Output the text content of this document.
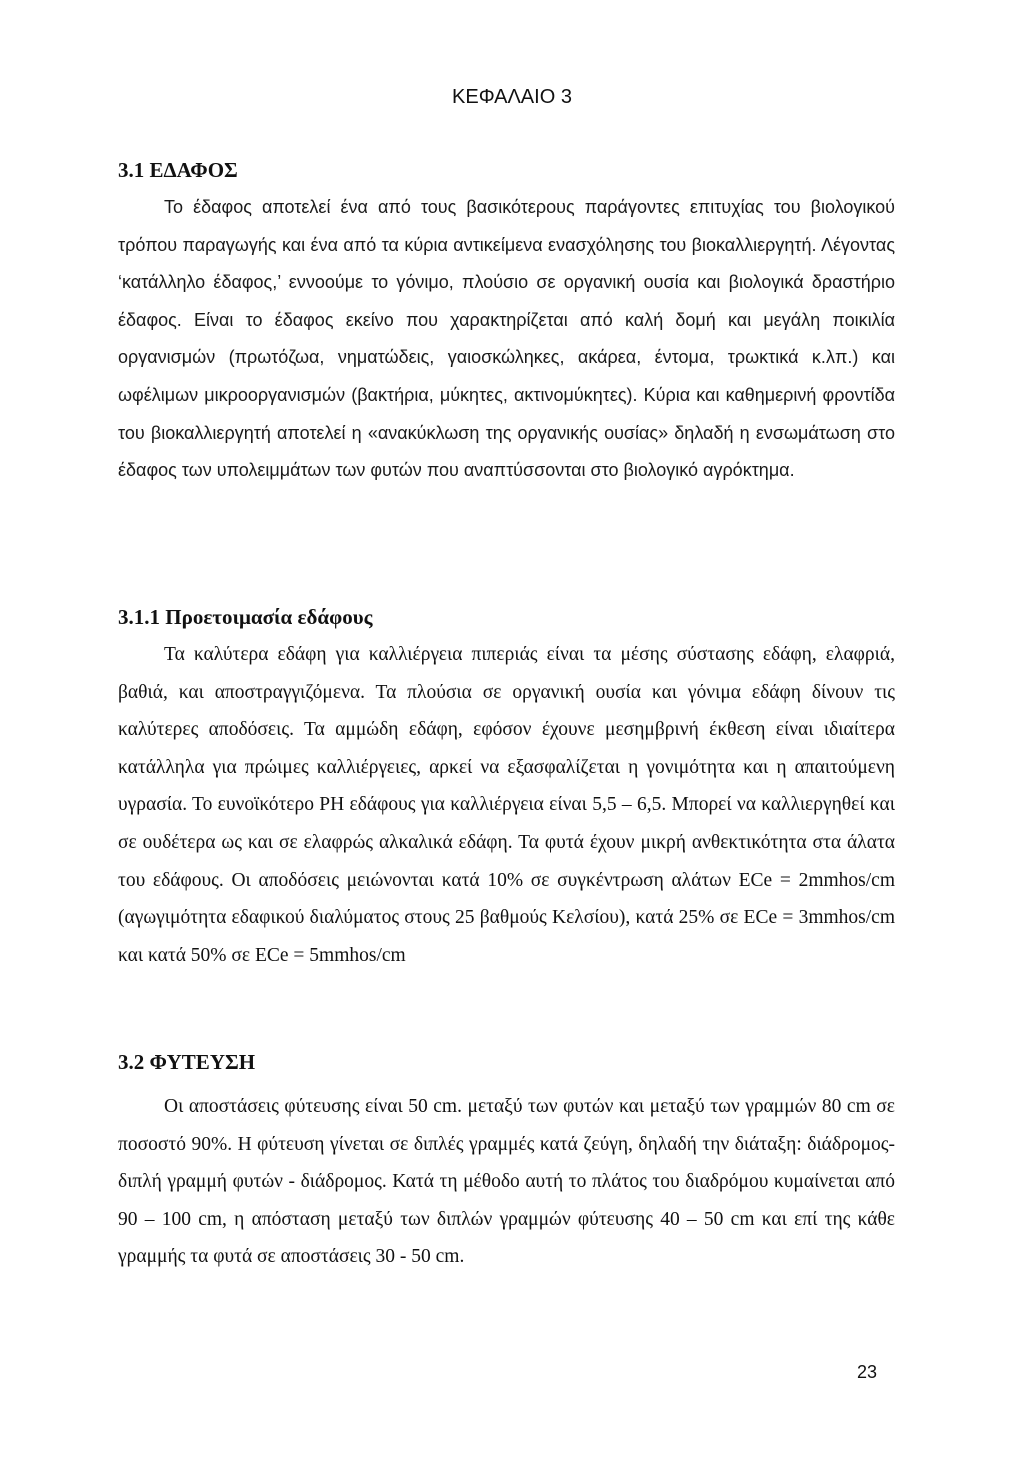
ΚΕΦΑΛΑΙΟ 3
3.1 ΕΔΑΦΟΣ

Το έδαφος αποτελεί ένα από τους βασικότερους παράγοντες επιτυχίας του βιολογικού τρόπου παραγωγής και ένα από τα κύρια αντικείμενα ενασχόλησης του βιοκαλλιεργητή. Λέγοντας ‘κατάλληλο έδαφος,’ εννοούμε το γόνιμο, πλούσιο σε οργανική ουσία και βιολογικά δραστήριο έδαφος. Είναι το έδαφος εκείνο που χαρακτηρίζεται από καλή δομή και μεγάλη ποικιλία οργανισμών (πρωτόζωα, νηματώδεις, γαιοσκώληκες, ακάρεα, έντομα, τρωκτικά κ.λπ.) και ωφέλιμων μικροοργανισμών (βακτήρια, μύκητες, ακτινομύκητες). Κύρια και καθημερινή φροντίδα του βιοκαλλιεργητή αποτελεί η «ανακύκλωση της οργανικής ουσίας» δηλαδή η ενσωμάτωση στο έδαφος των υπολειμμάτων των φυτών που αναπτύσσονται στο βιολογικό αγρόκτημα.

3.1.1 Προετοιμασία εδάφους

Τα καλύτερα εδάφη για καλλιέργεια πιπεριάς είναι τα μέσης σύστασης εδάφη, ελαφριά, βαθιά, και αποστραγγιζόμενα. Τα πλούσια σε οργανική ουσία και γόνιμα εδάφη δίνουν τις καλύτερες αποδόσεις. Τα αμμώδη εδάφη, εφόσον έχουνε μεσημβρινή έκθεση είναι ιδιαίτερα κατάλληλα για πρώιμες καλλιέργειες, αρκεί να εξασφαλίζεται η γονιμότητα και η απαιτούμενη υγρασία. Το ευνοϊκότερο PH εδάφους για καλλιέργεια είναι 5,5 – 6,5. Μπορεί να καλλιεργηθεί και σε ουδέτερα ως και σε ελαφρώς αλκαλικά εδάφη. Τα φυτά έχουν μικρή ανθεκτικότητα στα άλατα του εδάφους. Οι αποδόσεις μειώνονται κατά 10% σε συγκέντρωση αλάτων ECe = 2mmhos/cm (αγωγιμότητα εδαφικού διαλύματος στους 25 βαθμούς Κελσίου), κατά 25% σε ECe = 3mmhos/cm και κατά 50% σε ECe = 5mmhos/cm

3.2 ΦΥΤΕΥΣΗ

Οι αποστάσεις φύτευσης είναι 50 cm. μεταξύ των φυτών και μεταξύ των γραμμών 80 cm σε ποσοστό 90%. Η φύτευση γίνεται σε διπλές γραμμές κατά ζεύγη, δηλαδή την διάταξη: διάδρομος-διπλή γραμμή φυτών - διάδρομος. Κατά τη μέθοδο αυτή το πλάτος του διαδρόμου κυμαίνεται από 90 – 100 cm, η απόσταση μεταξύ των διπλών γραμμών φύτευσης 40 – 50 cm και επί της κάθε γραμμής τα φυτά σε αποστάσεις 30 - 50 cm.

23
